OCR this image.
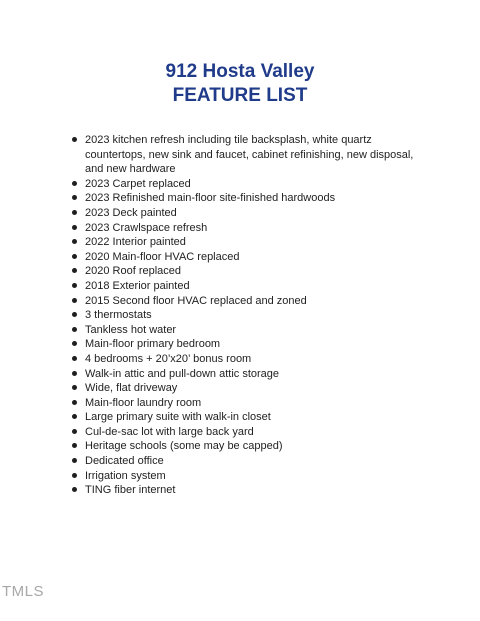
912 Hosta Valley
FEATURE LIST
2023 kitchen refresh including tile backsplash, white quartz countertops, new sink and faucet, cabinet refinishing, new disposal, and new hardware
2023 Carpet replaced
2023 Refinished main-floor site-finished hardwoods
2023 Deck painted
2023 Crawlspace refresh
2022 Interior painted
2020 Main-floor HVAC replaced
2020 Roof replaced
2018 Exterior painted
2015 Second floor HVAC replaced and zoned
3 thermostats
Tankless hot water
Main-floor primary bedroom
4 bedrooms + 20’x20’ bonus room
Walk-in attic and pull-down attic storage
Wide, flat driveway
Main-floor laundry room
Large primary suite with walk-in closet
Cul-de-sac lot with large back yard
Heritage schools (some may be capped)
Dedicated office
Irrigation system
TING fiber internet
TMLS
